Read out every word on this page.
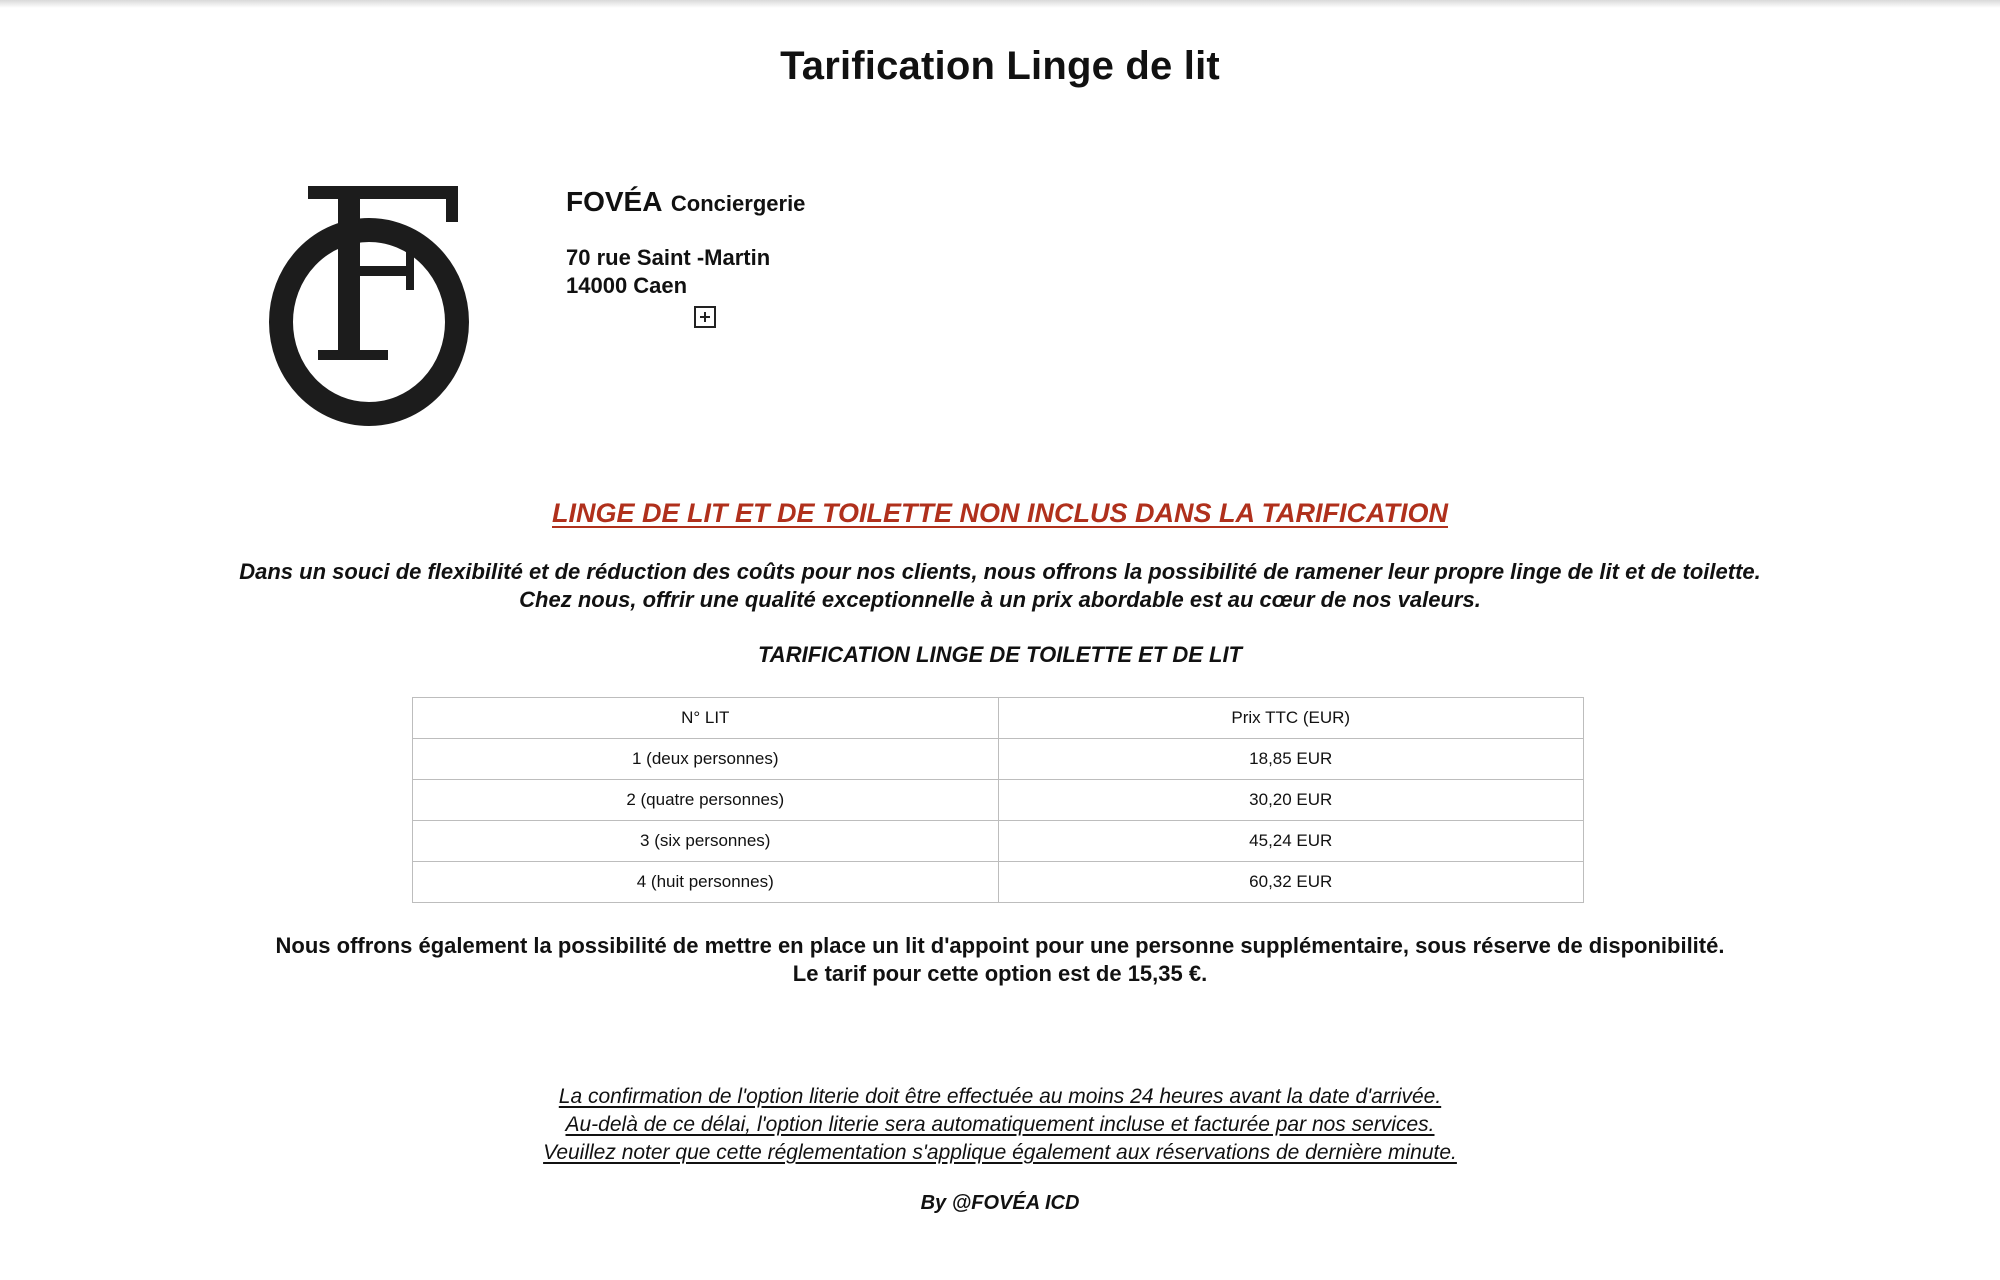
Tarification Linge de lit
FOVÉA Conciergerie
70 rue Saint -Martin
14000 Caen
LINGE DE LIT ET DE TOILETTE NON INCLUS DANS LA TARIFICATION
Dans un souci de flexibilité et de réduction des coûts pour nos clients, nous offrons la possibilité de ramener leur propre linge de lit et de toilette.
Chez nous, offrir une qualité exceptionnelle à un prix abordable est au cœur de nos valeurs.
TARIFICATION LINGE DE TOILETTE ET DE LIT
N° LIT	Prix TTC (EUR)
1 (deux personnes)	18,85 EUR
2 (quatre personnes)	30,20 EUR
3 (six personnes)	45,24 EUR
4 (huit personnes)	60,32 EUR
Nous offrons également la possibilité de mettre en place un lit d'appoint pour une personne supplémentaire, sous réserve de disponibilité.
Le tarif pour cette option est de 15,35 €.
La confirmation de l'option literie doit être effectuée au moins 24 heures avant la date d'arrivée.
Au-delà de ce délai, l'option literie sera automatiquement incluse et facturée par nos services.
Veuillez noter que cette réglementation s'applique également aux réservations de dernière minute.
By @FOVÉA ICD
